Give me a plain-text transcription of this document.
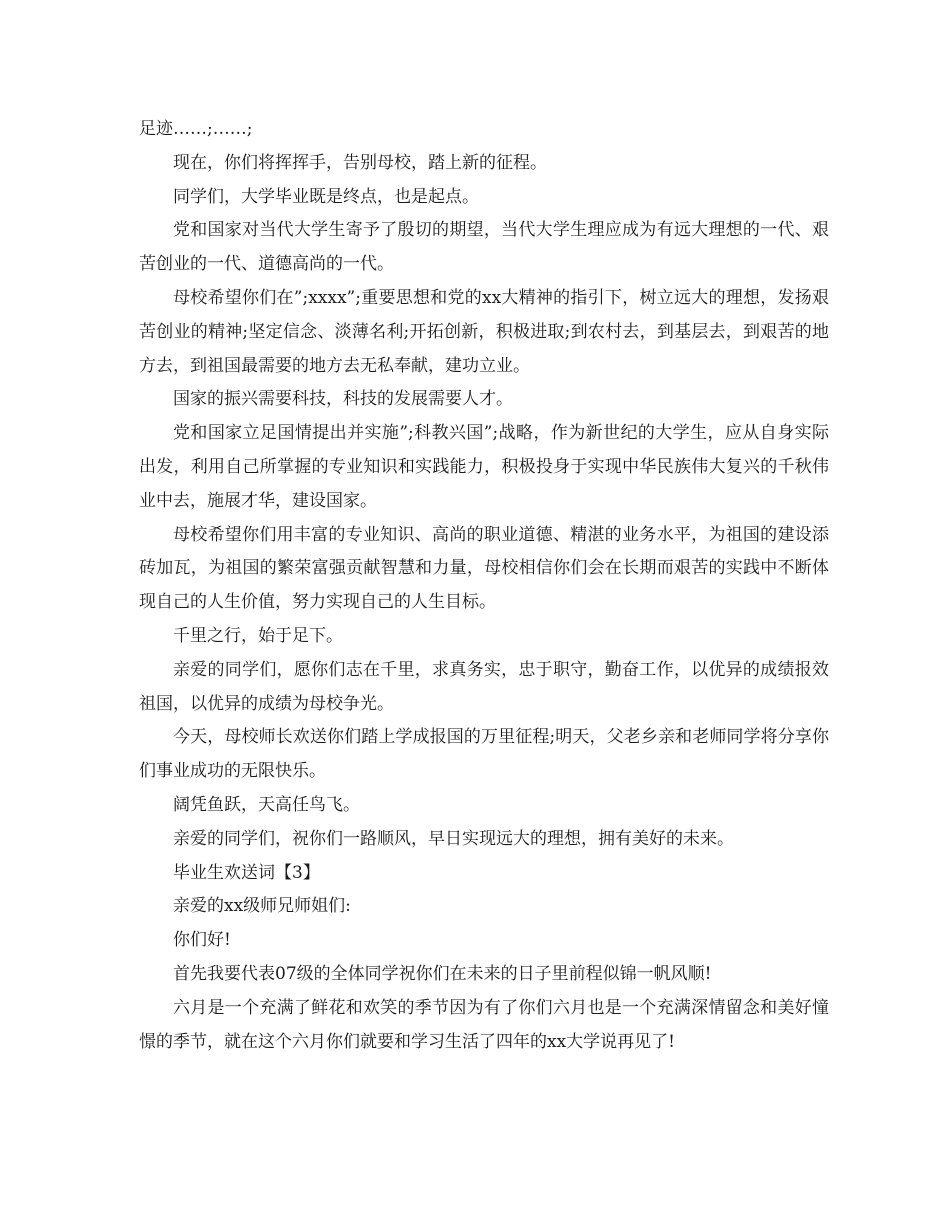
足迹……;……;

现在，你们将挥挥手，告别母校，踏上新的征程。

同学们，大学毕业既是终点，也是起点。

党和国家对当代大学生寄予了殷切的期望，当代大学生理应成为有远大理想的一代、艰苦创业的一代、道德高尚的一代。

母校希望你们在”;xxxx”;重要思想和党的xx大精神的指引下，树立远大的理想，发扬艰苦创业的精神;坚定信念、淡薄名利;开拓创新，积极进取;到农村去，到基层去，到艰苦的地方去，到祖国最需要的地方去无私奉献，建功立业。

国家的振兴需要科技，科技的发展需要人才。

党和国家立足国情提出并实施”;科教兴国”;战略，作为新世纪的大学生，应从自身实际出发，利用自己所掌握的专业知识和实践能力，积极投身于实现中华民族伟大复兴的千秋伟业中去，施展才华，建设国家。

母校希望你们用丰富的专业知识、高尚的职业道德、精湛的业务水平，为祖国的建设添砖加瓦，为祖国的繁荣富强贡献智慧和力量，母校相信你们会在长期而艰苦的实践中不断体现自己的人生价值，努力实现自己的人生目标。

千里之行，始于足下。

亲爱的同学们，愿你们志在千里，求真务实，忠于职守，勤奋工作，以优异的成绩报效祖国，以优异的成绩为母校争光。

今天，母校师长欢送你们踏上学成报国的万里征程;明天，父老乡亲和老师同学将分享你们事业成功的无限快乐。

阔凭鱼跃，天高任鸟飞。

亲爱的同学们，祝你们一路顺风，早日实现远大的理想，拥有美好的未来。

毕业生欢送词【3】

亲爱的xx级师兄师姐们:

你们好!

首先我要代表07级的全体同学祝你们在未来的日子里前程似锦一帆风顺!

六月是一个充满了鲜花和欢笑的季节因为有了你们六月也是一个充满深情留念和美好憧憬的季节，就在这个六月你们就要和学习生活了四年的xx大学说再见了!
